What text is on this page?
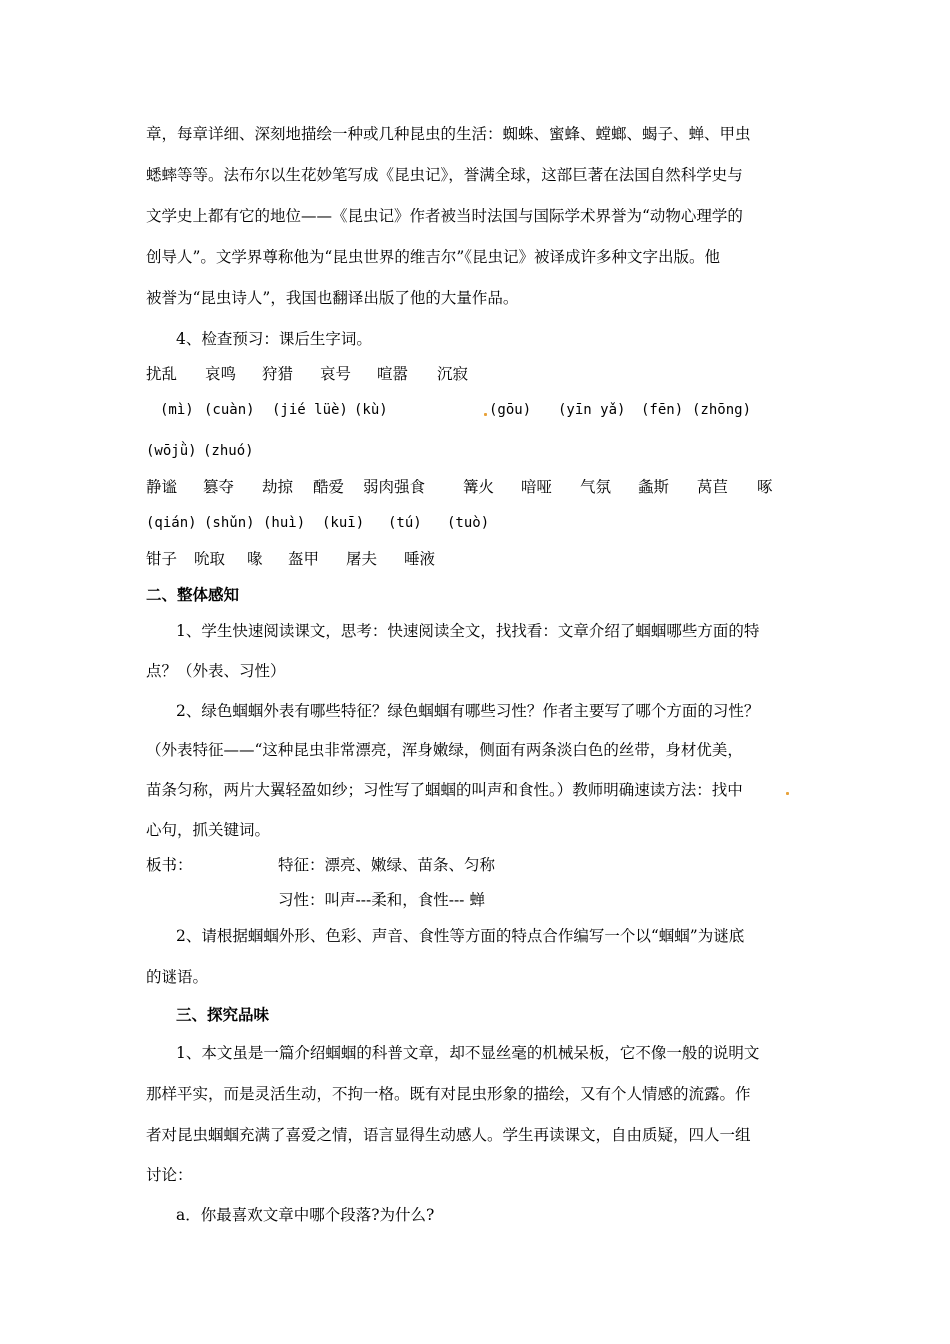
章，每章详细、深刻地描绘一种或几种昆虫的生活：蜘蛛、蜜蜂、螳螂、蝎子、蝉、甲虫
蟋蟀等等。法布尔以生花妙笔写成《昆虫记》，誉满全球，这部巨著在法国自然科学史与
文学史上都有它的地位——《昆虫记》作者被当时法国与国际学术界誉为“动物心理学的
创导人”。文学界尊称他为“昆虫世界的维吉尔”《昆虫记》被译成许多种文字出版。他
被誉为“昆虫诗人”，我国也翻译出版了他的大量作品。
4、检查预习：课后生字词。
扰乱 哀鸣 狩猎 哀号 喧嚣 沉寂
(mì) (cuàn) (jié lüè) (kù)	(gōu) (yīn yǎ) (fēn) (zhōng)
(wōjǜ) (zhuó)
静谧 篡夺 劫掠 酷爱 弱肉强食 篝火 喑哑 气氛 螽斯 莴苣 啄
(qián) (shǔn) (huì) (kuī) (tú) (tuò)
钳子 吮取 喙 盔甲 屠夫 唾液
二、整体感知
1、学生快速阅读课文，思考：快速阅读全文，找找看：文章介绍了蝈蝈哪些方面的特
点？（外表、习性）
2、绿色蝈蝈外表有哪些特征？绿色蝈蝈有哪些习性？作者主要写了哪个方面的习性？
（外表特征——“这种昆虫非常漂亮，浑身嫩绿，侧面有两条淡白色的丝带，身材优美，
苗条匀称，两片大翼轻盈如纱；习性写了蝈蝈的叫声和食性。）教师明确速读方法：找中
心句，抓关键词。
板书：	特征：漂亮、嫩绿、苗条、匀称
习性：叫声---柔和，食性--- 蝉
2、请根据蝈蝈外形、色彩、声音、食性等方面的特点合作编写一个以“蝈蝈”为谜底
的谜语。
三、探究品味
1、本文虽是一篇介绍蝈蝈的科普文章，却不显丝毫的机械呆板，它不像一般的说明文
那样平实，而是灵活生动，不拘一格。既有对昆虫形象的描绘，又有个人情感的流露。作
者对昆虫蝈蝈充满了喜爱之情，语言显得生动感人。学生再读课文，自由质疑，四人一组
讨论：
a．你最喜欢文章中哪个段落?为什么?
